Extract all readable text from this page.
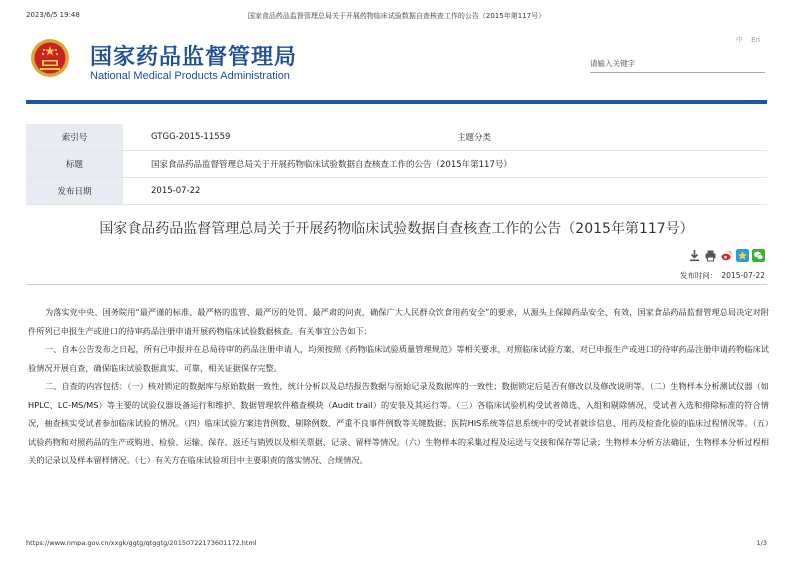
2023/6/5 19:48	国家食品药品监督管理总局关于开展药物临床试验数据自查核查工作的公告（2015年第117号）
国家药品监督管理局
National Medical Products Administration
中 En
请输入关键字
索引号	GTGG-2015-11559	主题分类	
标题	国家食品药品监督管理总局关于开展药物临床试验数据自查核查工作的公告（2015年第117号）		
发布日期	2015-07-22		
国家食品药品监督管理总局关于开展药物临床试验数据自查核查工作的公告（2015年第117号）
发布时间： 2015-07-22

为落实党中央、国务院用“最严谨的标准、最严格的监管、最严厉的处罚、最严肃的问责，确保广大人民群众饮食用药安全”的要求，从源头上保障药品安全、有效，国家食品药品监督管理总局决定对附件所列已申报生产或进口的待审药品注册申请开展药物临床试验数据核查。有关事宜公告如下：

一、自本公告发布之日起，所有已申报并在总局待审的药品注册申请人，均须按照《药物临床试验质量管理规范》等相关要求，对照临床试验方案，对已申报生产或进口的待审药品注册申请药物临床试验情况开展自查，确保临床试验数据真实、可靠，相关证据保存完整。

二、自查的内容包括：（一）核对锁定的数据库与原始数据一致性，统计分析以及总结报告数据与原始记录及数据库的一致性；数据锁定后是否有修改以及修改说明等。（二）生物样本分析测试仪器（如HPLC、LC-MS/MS）等主要的试验仪器设备运行和维护、数据管理软件稽查模块（Audit trail）的安装及其运行等。（三）各临床试验机构受试者筛选、入组和剔除情况，受试者入选和排除标准的符合情况，抽查核实受试者参加临床试验的情况。（四）临床试验方案违背例数、剔除例数、严重不良事件例数等关键数据；医院HIS系统等信息系统中的受试者就诊信息、用药及检查化验的临床过程情况等。（五）试验药物和对照药品的生产或购进、检验、运输、保存、返还与销毁以及相关票据、记录、留样等情况。（六）生物样本的采集过程及运送与交接和保存等记录；生物样本分析方法确证，生物样本分析过程相关的记录以及样本留样情况。（七）有关方在临床试验项目中主要职责的落实情况、合规情况。

https://www.nmpa.gov.cn/xxgk/ggtg/qtggtg/20150722173601172.html	1/3
